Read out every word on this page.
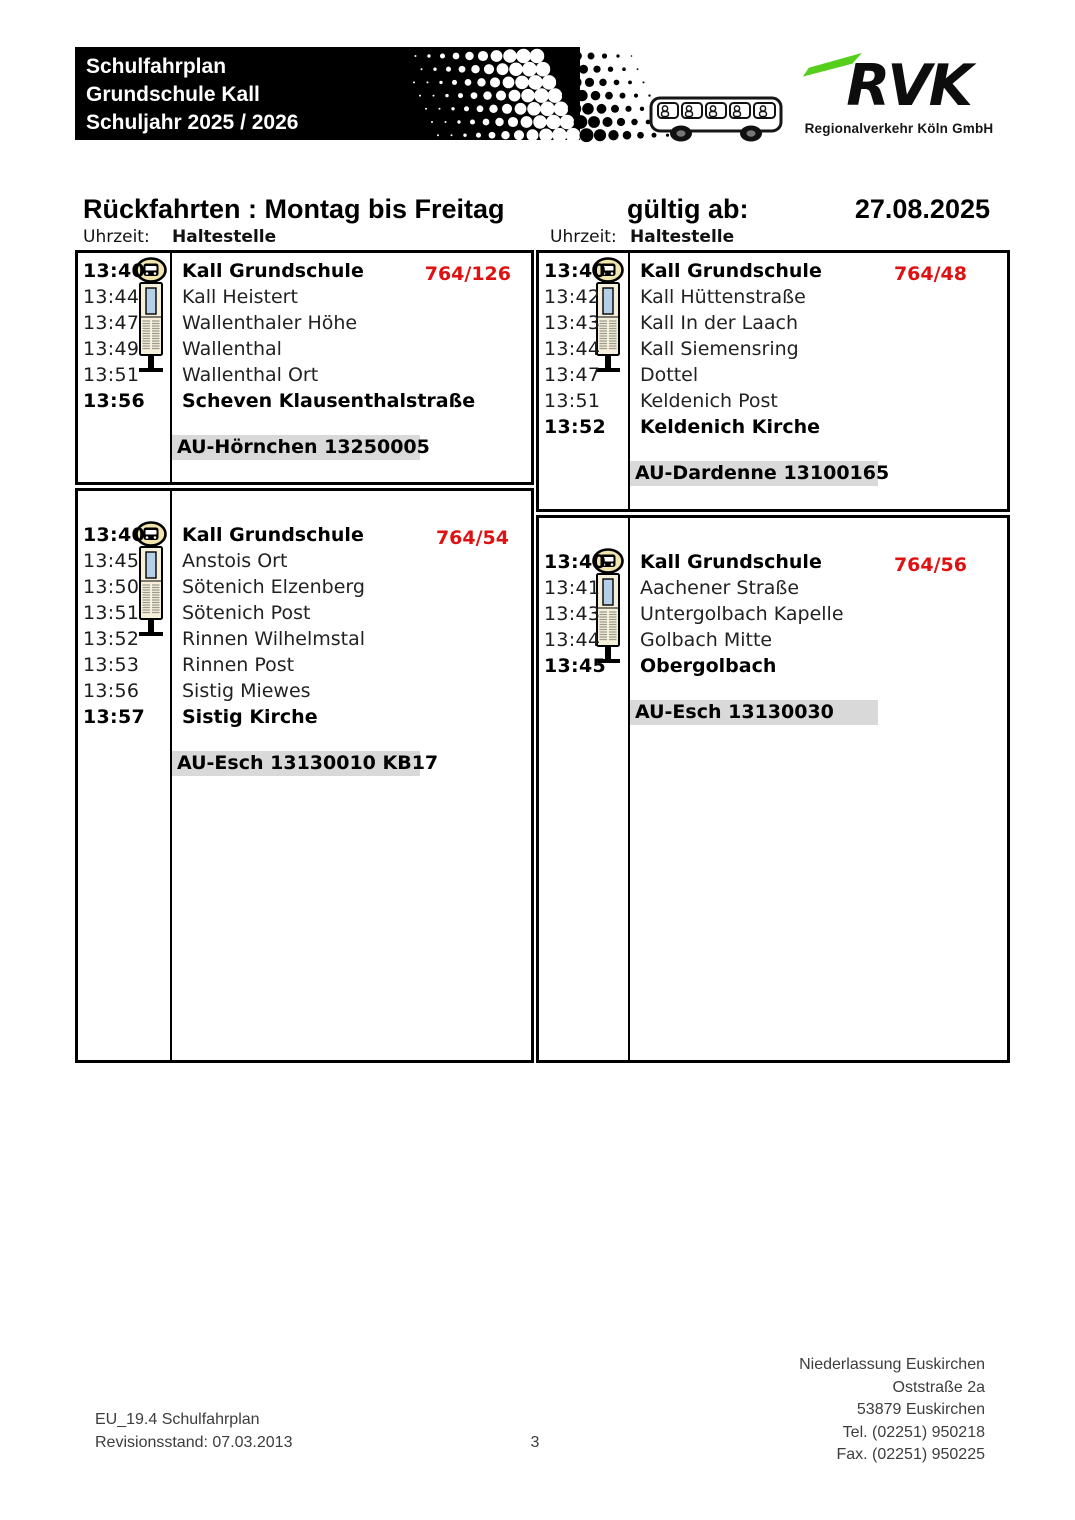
Schulfahrplan
Grundschule Kall
Schuljahr 2025 / 2026
RVK
Regionalverkehr Köln GmbH
Rückfahrten : Montag bis Freitag	gültig ab:	27.08.2025
Uhrzeit: Haltestelle	Uhrzeit: Haltestelle
764/126
13:40	Kall Grundschule
13:44	Kall Heistert
13:47	Wallenthaler Höhe
13:49	Wallenthal
13:51	Wallenthal Ort
13:56	Scheven Klausenthalstraße
AU-Hörnchen 13250005
764/48
13:40	Kall Grundschule
13:42	Kall Hüttenstraße
13:43	Kall In der Laach
13:44	Kall Siemensring
13:47	Dottel
13:51	Keldenich Post
13:52	Keldenich Kirche
AU-Dardenne 13100165
764/54
13:40	Kall Grundschule
13:45	Anstois Ort
13:50	Sötenich Elzenberg
13:51	Sötenich Post
13:52	Rinnen Wilhelmstal
13:53	Rinnen Post
13:56	Sistig Miewes
13:57	Sistig Kirche
AU-Esch 13130010 KB17
764/56
13:40	Kall Grundschule
13:41	Aachener Straße
13:43	Untergolbach Kapelle
13:44	Golbach Mitte
13:45	Obergolbach
AU-Esch 13130030
EU_19.4 Schulfahrplan
Revisionsstand: 07.03.2013	3
Niederlassung Euskirchen
Oststraße 2a
53879 Euskirchen
Tel. (02251) 950218
Fax. (02251) 950225
